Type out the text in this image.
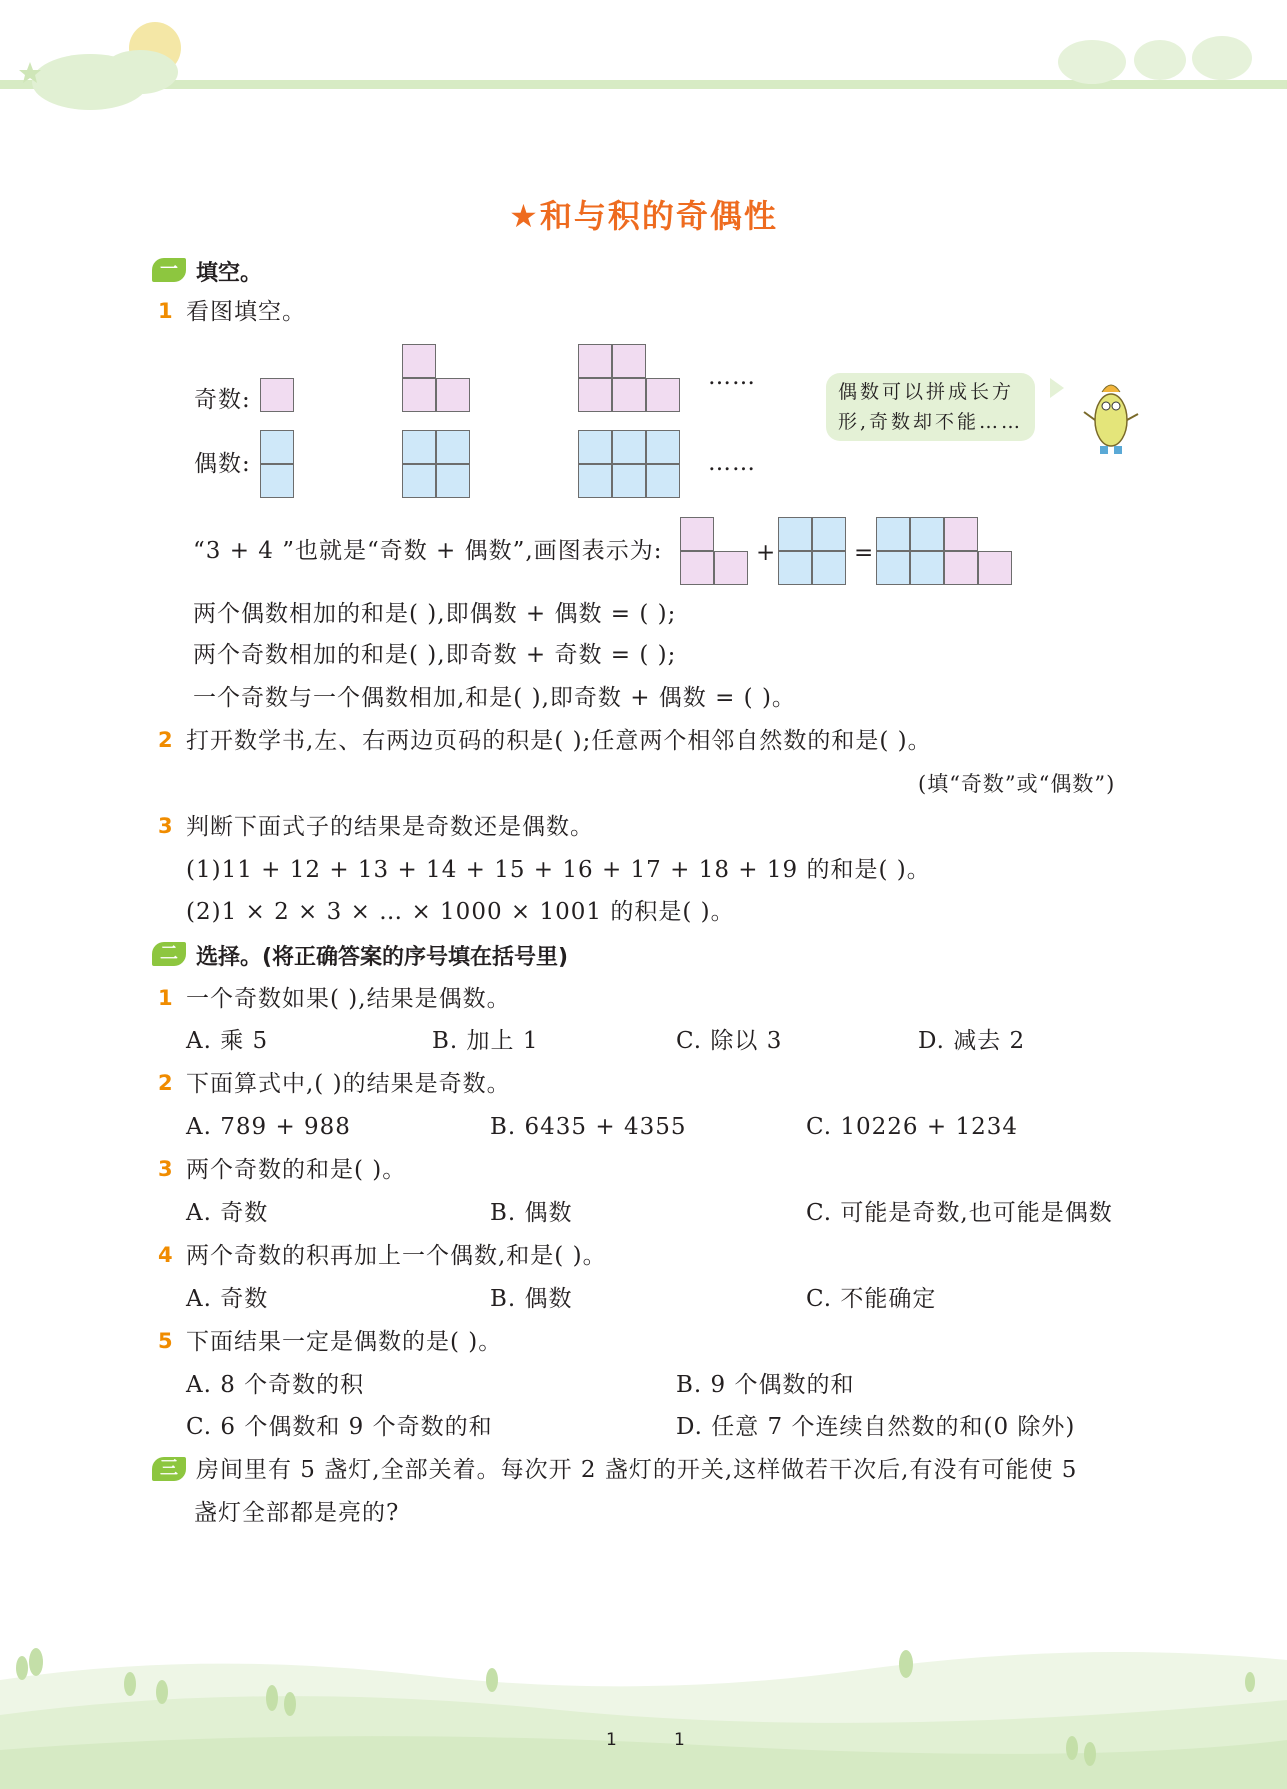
★和与积的奇偶性
一 填空。
1 看图填空。
奇数:
偶数:
……
……
偶数可以拼成长方
形,奇数却不能……
“3 + 4 ”也就是“奇数 + 偶数”,画图表示为:	+	=
两个偶数相加的和是( ),即偶数 + 偶数 = ( );
两个奇数相加的和是( ),即奇数 + 奇数 = ( );
一个奇数与一个偶数相加,和是( ),即奇数 + 偶数 = ( )。
2 打开数学书,左、右两边页码的积是( );任意两个相邻自然数的和是( )。
(填“奇数”或“偶数”)
3 判断下面式子的结果是奇数还是偶数。
(1)11 + 12 + 13 + 14 + 15 + 16 + 17 + 18 + 19 的和是( )。
(2)1 × 2 × 3 × … × 1000 × 1001 的积是( )。
二 选择。(将正确答案的序号填在括号里)
1 一个奇数如果( ),结果是偶数。
A. 乘 5	B. 加上 1	C. 除以 3	D. 减去 2
2 下面算式中,( )的结果是奇数。
A. 789 + 988	B. 6435 + 4355	C. 10226 + 1234
3 两个奇数的和是( )。
A. 奇数	B. 偶数	C. 可能是奇数,也可能是偶数
4 两个奇数的积再加上一个偶数,和是( )。
A. 奇数	B. 偶数	C. 不能确定
5 下面结果一定是偶数的是( )。
A. 8 个奇数的积	B. 9 个偶数的和
C. 6 个偶数和 9 个奇数的和	D. 任意 7 个连续自然数的和(0 除外)
三 房间里有 5 盏灯,全部关着。每次开 2 盏灯的开关,这样做若干次后,有没有可能使 5
盏灯全部都是亮的?
1	1
